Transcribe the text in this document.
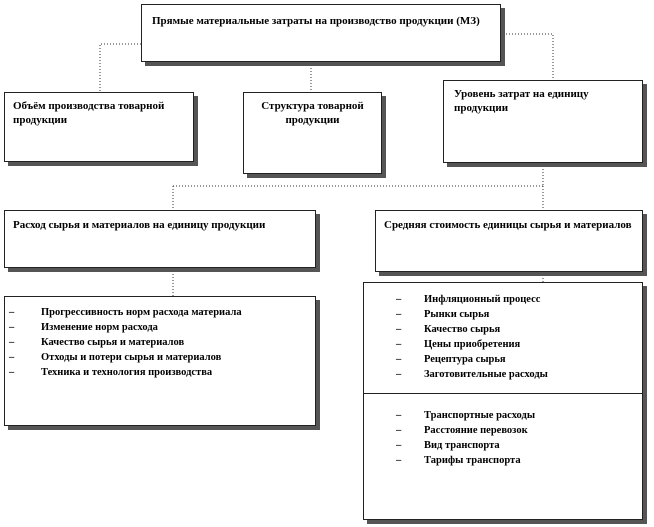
Прямые материальные затраты на производство продукции (МЗ)
Объём производства товарной продукции
Структура товарной продукции
Уровень затрат на единицу продукции
Расход сырья и материалов на единицу продукции	Средняя стоимость единицы сырья и материалов
–	Прогрессивность норм расхода материала
–	Изменение норм расхода
–	Качество сырья и материалов
–	Отходы и потери сырья и материалов
–	Техника и технология производства
– Инфляционный процесс
– Рынки сырья
– Качество сырья
– Цены приобретения
– Рецептура сырья
– Заготовительные расходы
– Транспортные расходы
– Расстояние перевозок
– Вид транспорта
– Тарифы транспорта
